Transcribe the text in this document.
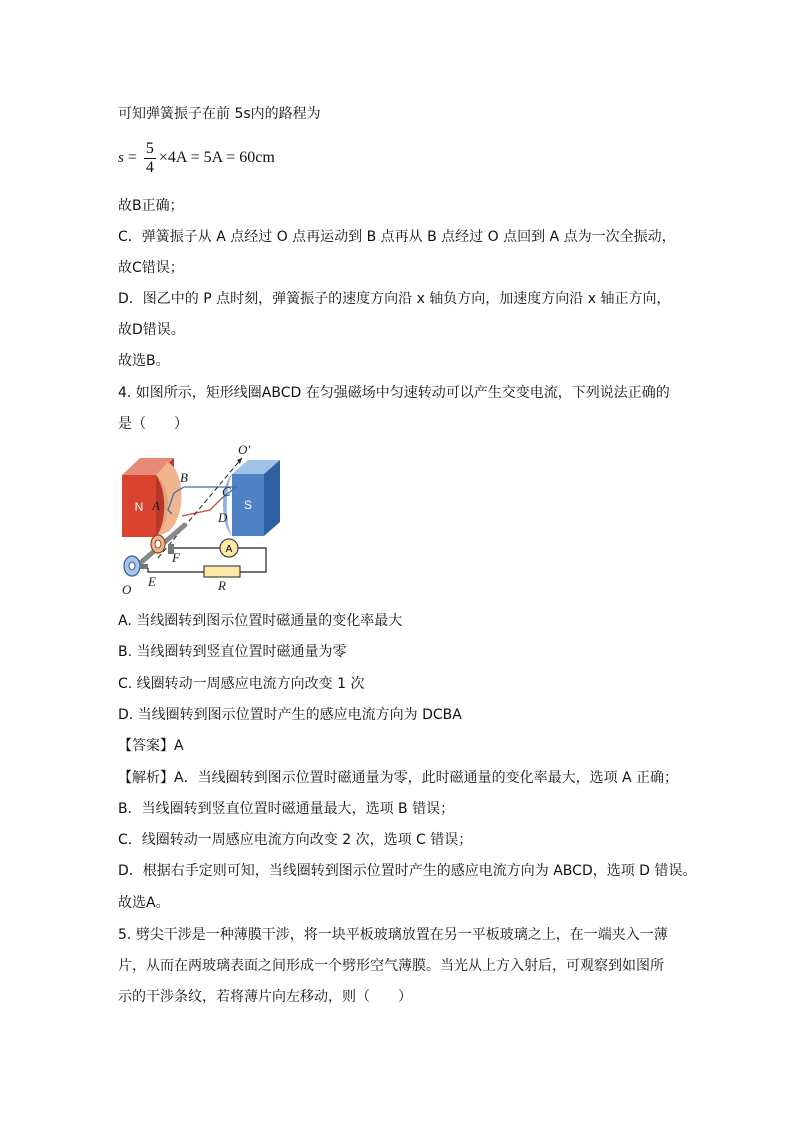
可知弹簧振子在前 5s内的路程为
$s = \frac{5}{4} \times 4A = 5A = 60cm$
故B正确；
C．弹簧振子从 A 点经过 O 点再运动到 B 点再从 B 点经过 O 点回到 A 点为一次全振动，
故C错误；
D．图乙中的 P 点时刻，弹簧振子的速度方向沿 x 轴负方向，加速度方向沿 x 轴正方向，
故D错误。
故选B。
4. 如图所示，矩形线圈ABCD 在匀强磁场中匀速转动可以产生交变电流，下列说法正确的
是（　　）
N	S
A
O'
B
C
A
D
F
E	R
O
A. 当线圈转到图示位置时磁通量的变化率最大
B. 当线圈转到竖直位置时磁通量为零
C. 线圈转动一周感应电流方向改变 1 次
D. 当线圈转到图示位置时产生的感应电流方向为 DCBA
【答案】A
【解析】A．当线圈转到图示位置时磁通量为零，此时磁通量的变化率最大，选项 A 正确；
B．当线圈转到竖直位置时磁通量最大，选项 B 错误；
C．线圈转动一周感应电流方向改变 2 次，选项 C 错误；
D．根据右手定则可知，当线圈转到图示位置时产生的感应电流方向为 ABCD，选项 D 错误。
故选A。
5. 劈尖干涉是一种薄膜干涉，将一块平板玻璃放置在另一平板玻璃之上，在一端夹入一薄
片，从而在两玻璃表面之间形成一个劈形空气薄膜。当光从上方入射后，可观察到如图所
示的干涉条纹，若将薄片向左移动，则（　　）
